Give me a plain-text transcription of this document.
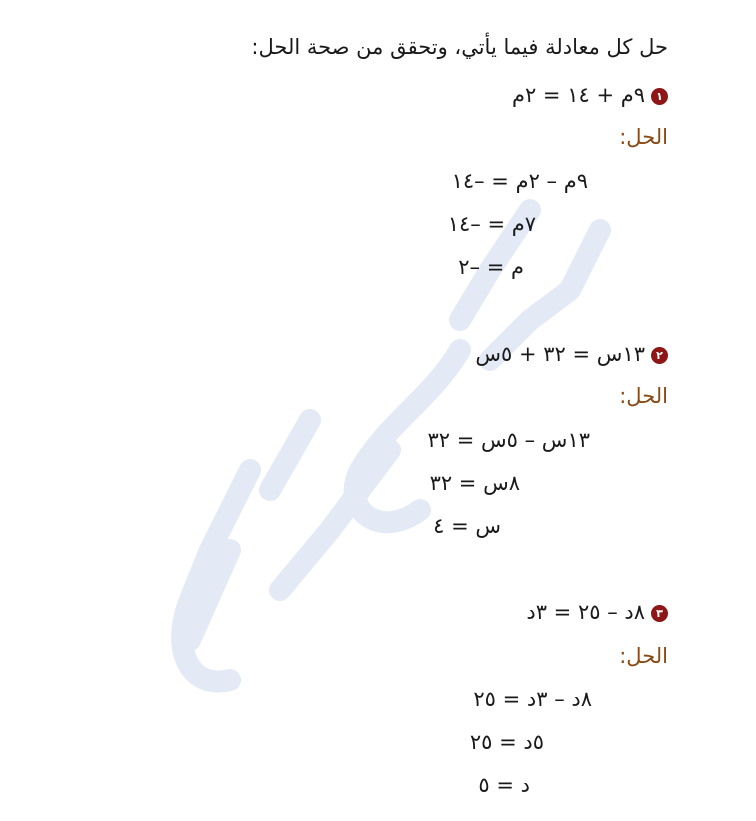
حل كل معادلة فيما يأتي، وتحقق من صحة الحل:
١٩م + ١٤ = ٢م
الحل:
٩م – ٢م = –١٤
٧م = –١٤
م = –٢
٢١٣س = ٣٢ + ٥س
الحل:
١٣س – ٥س = ٣٢
٨س = ٣٢
س = ٤
٣٨د – ٢٥ = ٣د
الحل:
٨د – ٣د = ٢٥
٥د = ٢٥
د = ٥
